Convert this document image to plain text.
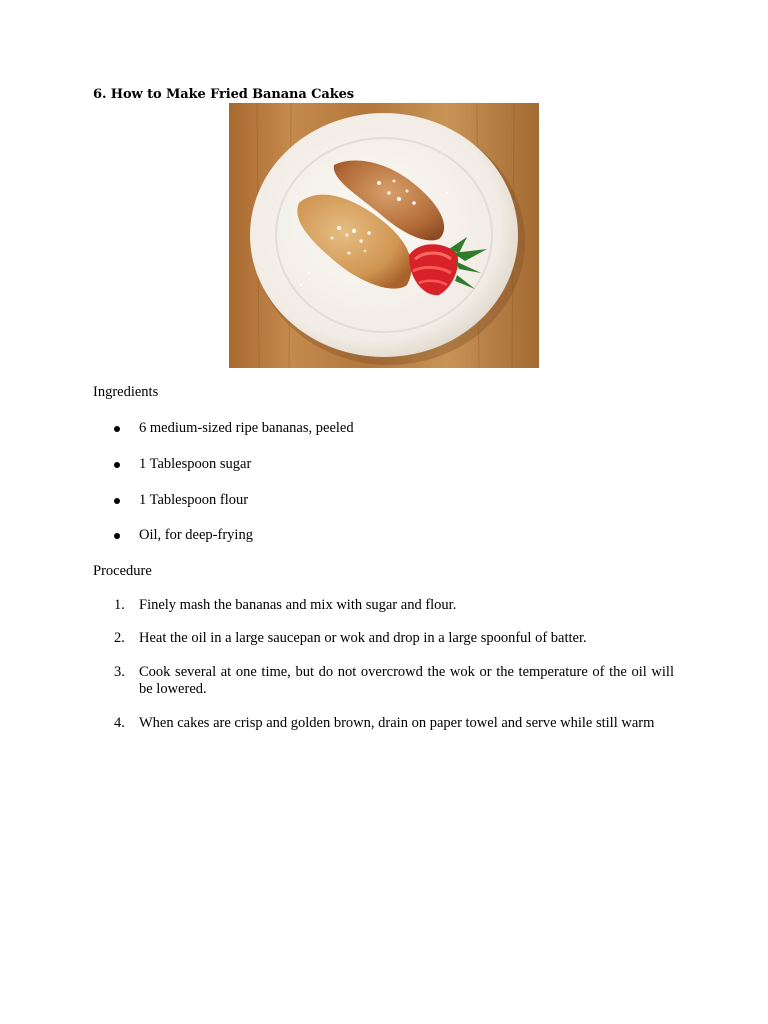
6. How to Make Fried Banana Cakes
Ingredients
6 medium-sized ripe bananas, peeled
1 Tablespoon sugar
1 Tablespoon flour
Oil, for deep-frying
Procedure
1. Finely mash the bananas and mix with sugar and flour.
2. Heat the oil in a large saucepan or wok and drop in a large spoonful of batter.
3. Cook several at one time, but do not overcrowd the wok or the temperature of the oil will be lowered.
4. When cakes are crisp and golden brown, drain on paper towel and serve while still warm
